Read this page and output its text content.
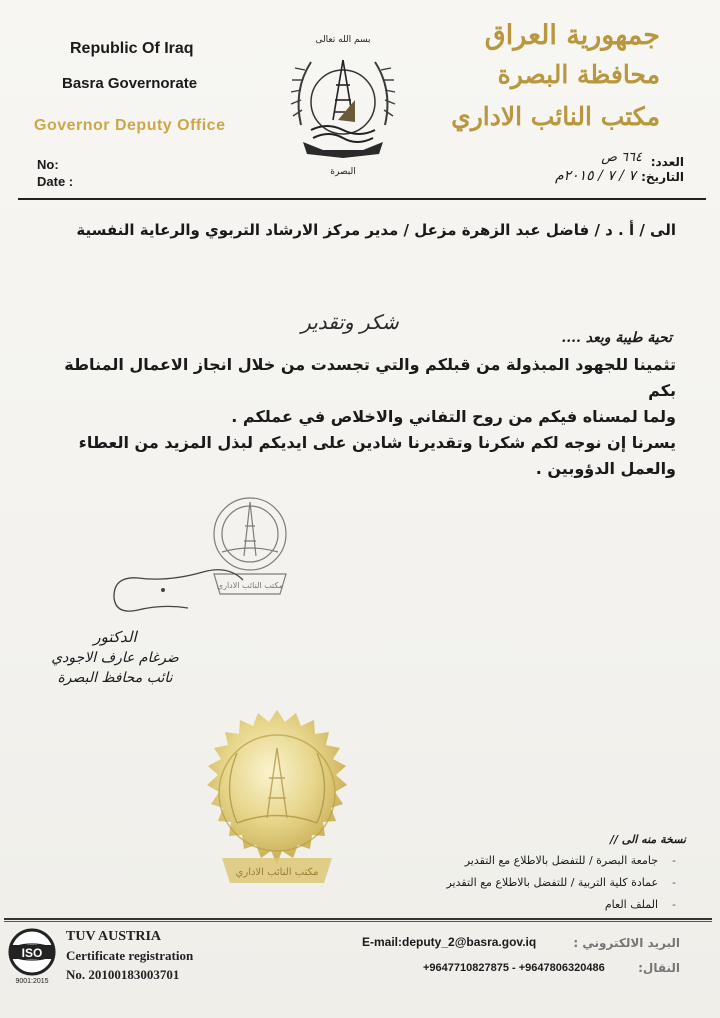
Republic Of Iraq
Basra Governorate
Governor Deputy Office
No:
Date :
بسم الله تعالى
البصرة
جمهورية العراق
محافظة البصرة
مكتب النائب الاداري
العدد:
٦٦٤ ص
التاريخ:
٧ / ٧ / ٢٠١٥م
الى / أ . د / فاضل عبد الزهرة مزعل / مدير مركز الارشاد التربوي والرعاية النفسية
شكر وتقدير
تحية طيبة وبعد ....
تثمينا للجهود المبذولة من قبلكم والتي تجسدت من خلال انجاز الاعمال المناطة بكم
ولما لمسناه فيكم من روح التفاني والاخلاص في عملكم .
يسرنا إن نوجه لكم شكرنا وتقديرنا شادين على ايديكم لبذل المزيد من العطاء
والعمل الدؤوبين .
مكتب النائب الاداري
الدكتور
ضرغام عارف الاجودي
نائب محافظ البصرة
مكتب النائب الاداري
نسخة منه الى //
-جامعة البصرة / للتفضل بالاطلاع مع التقدير
-عمادة كلية التربية / للتفضل بالاطلاع مع التقدير
-الملف العام
ISO
9001:2015
TUV AUSTRIA
Certificate registration
No. 20100183003701
E-mail:deputy_2@basra.gov.iq	البريد الالكتروني :
+9647710827875 - +9647806320486	النقال:
